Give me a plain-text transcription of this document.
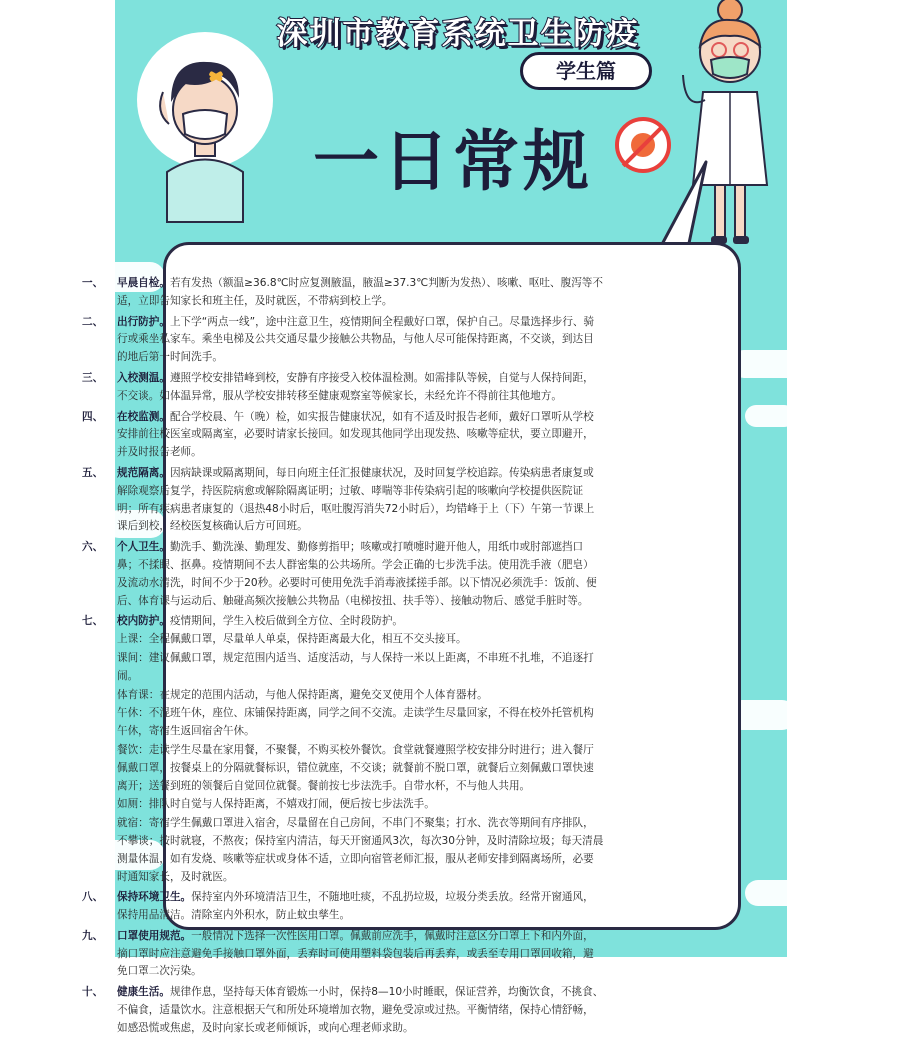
深圳市教育系统卫生防疫
学生篇
一日常规

一、 早晨自检。若有发热（额温≥36.8℃时应复测腋温，腋温≥37.3℃判断为发热）、咳嗽、呕吐、腹泻等不适，立即告知家长和班主任，及时就医，不带病到校上学。

二、 出行防护。上下学“两点一线”，途中注意卫生，疫情期间全程戴好口罩，保护自己。尽量选择步行、骑行或乘坐私家车。乘坐电梯及公共交通尽量少接触公共物品，与他人尽可能保持距离，不交谈，到达目的地后第一时间洗手。

三、 入校测温。遵照学校安排错峰到校，安静有序接受入校体温检测。如需排队等候，自觉与人保持间距，不交谈。如体温异常，服从学校安排转移至健康观察室等候家长，未经允许不得前往其他地方。

四、 在校监测。配合学校晨、午（晚）检，如实报告健康状况，如有不适及时报告老师，戴好口罩听从学校安排前往校医室或隔离室，必要时请家长接回。如发现其他同学出现发热、咳嗽等症状，要立即避开，并及时报告老师。

五、 规范隔离。因病缺课或隔离期间，每日向班主任汇报健康状况，及时回复学校追踪。传染病患者康复或解除观察后复学，持医院病愈或解除隔离证明；过敏、哮喘等非传染病引起的咳嗽向学校提供医院证明；所有疾病患者康复的（退热48小时后，呕吐腹泻消失72小时后），均错峰于上（下）午第一节课上课后到校，经校医复核确认后方可回班。

六、 个人卫生。勤洗手、勤洗澡、勤理发、勤修剪指甲；咳嗽或打喷嚏时避开他人，用纸巾或肘部遮挡口鼻；不揉眼、抠鼻。疫情期间不去人群密集的公共场所。学会正确的七步洗手法。使用洗手液（肥皂）及流动水清洗，时间不少于20秒。必要时可使用免洗手消毒液揉搓手部。以下情况必须洗手：饭前、便后、体育课与运动后、触碰高频次接触公共物品（电梯按扭、扶手等）、接触动物后、感觉手脏时等。

七、 校内防护。疫情期间，学生入校后做到全方位、全时段防护。

上课：全程佩戴口罩，尽量单人单桌，保持距离最大化，相互不交头接耳。

课间：建议佩戴口罩，规定范围内适当、适度活动，与人保持一米以上距离，不串班不扎堆，不追逐打闹。

体育课：在规定的范围内活动，与他人保持距离，避免交叉使用个人体育器材。

午休：不混班午休，座位、床铺保持距离，同学之间不交流。走读学生尽量回家，不得在校外托管机构午休，寄宿生返回宿舍午休。

餐饮：走读学生尽量在家用餐，不聚餐，不购买校外餐饮。食堂就餐遵照学校安排分时进行；进入餐厅佩戴口罩，按餐桌上的分隔就餐标识，错位就座，不交谈；就餐前不脱口罩，就餐后立刻佩戴口罩快速离开；送餐到班的领餐后自觉回位就餐。餐前按七步法洗手。自带水杯，不与他人共用。

如厕：排队时自觉与人保持距离，不嬉戏打闹，便后按七步法洗手。

就宿：寄宿学生佩戴口罩进入宿舍，尽量留在自己房间，不串门不聚集；打水、洗衣等期间有序排队，不攀谈；按时就寝，不熬夜；保持室内清洁，每天开窗通风3次，每次30分钟，及时清除垃圾；每天清晨测量体温，如有发烧、咳嗽等症状或身体不适，立即向宿管老师汇报，服从老师安排到隔离场所，必要时通知家长，及时就医。

八、 保持环境卫生。保持室内外环境清洁卫生，不随地吐痰，不乱扔垃圾，垃圾分类丢放。经常开窗通风，保持用品清洁。清除室内外积水，防止蚊虫孳生。

九、 口罩使用规范。一般情况下选择一次性医用口罩。佩戴前应洗手，佩戴时注意区分口罩上下和内外面，摘口罩时应注意避免手接触口罩外面，丢弃时可使用塑料袋包装后再丢弃，或丢至专用口罩回收箱，避免口罩二次污染。

十、 健康生活。规律作息，坚持每天体育锻炼一小时，保持8—10小时睡眠，保证营养，均衡饮食，不挑食、不偏食，适量饮水。注意根据天气和所处环境增加衣物，避免受凉或过热。平衡情绪，保持心情舒畅，如感恐慌或焦虑，及时向家长或老师倾诉，或向心理老师求助。
